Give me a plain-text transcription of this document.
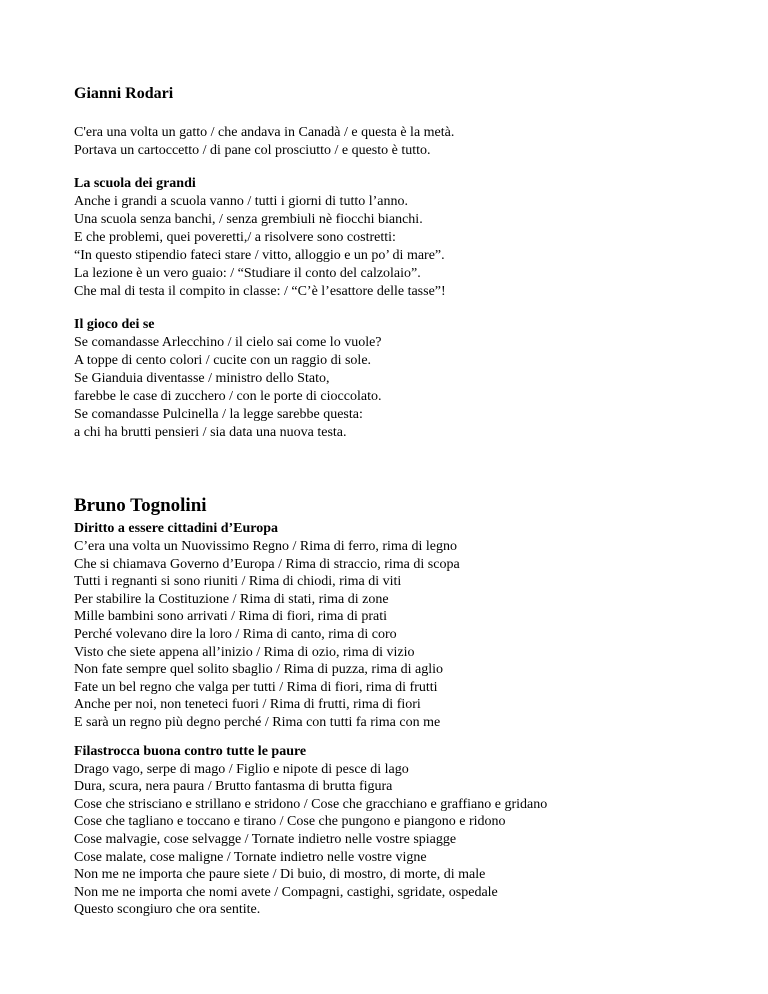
Gianni Rodari
C'era una volta un gatto / che andava in Canadà / e questa è la metà.
Portava un cartoccetto / di pane col prosciutto / e questo è tutto.
La scuola dei grandi
Anche i grandi a scuola vanno / tutti i giorni di tutto l’anno.
Una scuola senza banchi, / senza grembiuli nè fiocchi bianchi.
E che problemi, quei poveretti,/ a risolvere sono costretti:
“In questo stipendio fateci stare / vitto, alloggio e un po’ di mare”.
La lezione è un vero guaio: / “Studiare il conto del calzolaio”.
Che mal di testa il compito in classe: / “C’è l’esattore delle tasse”!
Il gioco dei se
Se comandasse Arlecchino / il cielo sai come lo vuole?
A toppe di cento colori / cucite con un raggio di sole.
Se Gianduia diventasse / ministro dello Stato,
farebbe le case di zucchero / con le porte di cioccolato.
Se comandasse Pulcinella / la legge sarebbe questa:
a chi ha brutti pensieri / sia data una nuova testa.
Bruno Tognolini
Diritto a essere cittadini d’Europa
C’era una volta un Nuovissimo Regno / Rima di ferro, rima di legno
Che si chiamava Governo d’Europa / Rima di straccio, rima di scopa
Tutti i regnanti si sono riuniti / Rima di chiodi, rima di viti
Per stabilire la Costituzione / Rima di stati, rima di zone
Mille bambini sono arrivati / Rima di fiori, rima di prati
Perché volevano dire la loro / Rima di canto, rima di coro
Visto che siete appena all’inizio / Rima di ozio, rima di vizio
Non fate sempre quel solito sbaglio / Rima di puzza, rima di aglio
Fate un bel regno che valga per tutti / Rima di fiori, rima di frutti
Anche per noi, non teneteci fuori / Rima di frutti, rima di fiori
E sarà un regno più degno perché / Rima con tutti fa rima con me
Filastrocca buona contro tutte le paure
Drago vago, serpe di mago / Figlio e nipote di pesce di lago
Dura, scura, nera paura / Brutto fantasma di brutta figura
Cose che strisciano e strillano e stridono / Cose che gracchiano e graffiano e gridano
Cose che tagliano e toccano e tirano / Cose che pungono e piangono e ridono
Cose malvagie, cose selvagge / Tornate indietro nelle vostre spiagge
Cose malate, cose maligne / Tornate indietro nelle vostre vigne
Non me ne importa che paure siete / Di buio, di mostro, di morte, di male
Non me ne importa che nomi avete / Compagni, castighi, sgridate, ospedale
Questo scongiuro che ora sentite.
